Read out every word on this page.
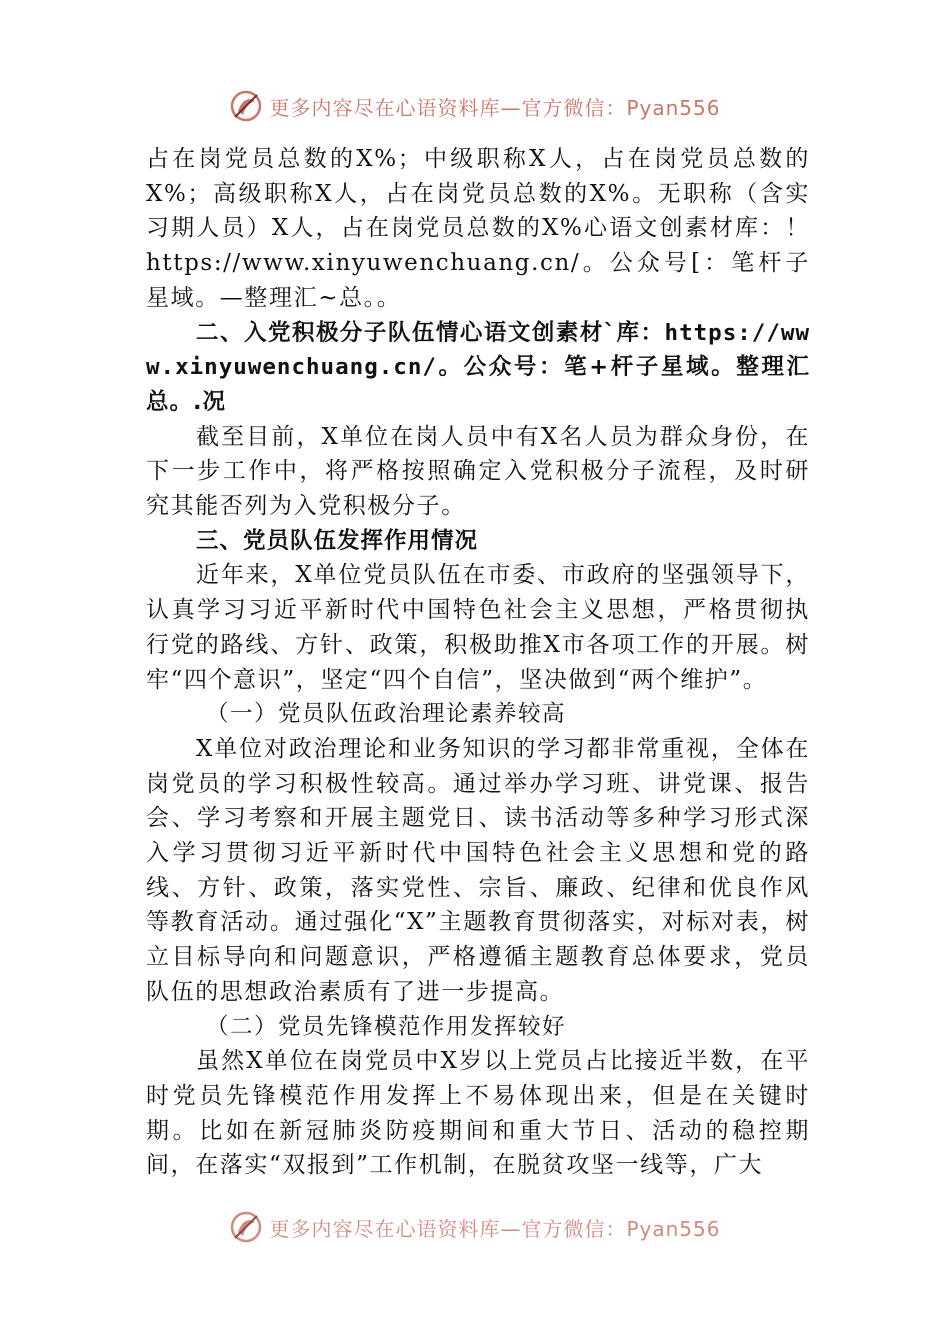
更多内容尽在心语资料库—官方微信：Pyan556

占在岗党员总数的X%；中级职称X人，占在岗党员总数的X%；高级职称X人，占在岗党员总数的X%。无职称（含实习期人员）X人，占在岗党员总数的X%心语文创素材库：！https://www.xinyuwenchuang.cn/。公众号[：笔杆子星域。—整理汇~总。。

二、入党积极分子队伍情心语文创素材`库：https://www.xinyuwenchuang.cn/。公众号：笔+杆子星域。整理汇总。.况

截至目前，X单位在岗人员中有X名人员为群众身份，在下一步工作中，将严格按照确定入党积极分子流程，及时研究其能否列为入党积极分子。

三、党员队伍发挥作用情况

近年来，X单位党员队伍在市委、市政府的坚强领导下，认真学习习近平新时代中国特色社会主义思想，严格贯彻执行党的路线、方针、政策，积极助推X市各项工作的开展。树牢“四个意识”，坚定“四个自信”，坚决做到“两个维护”。

（一）党员队伍政治理论素养较高

X单位对政治理论和业务知识的学习都非常重视，全体在岗党员的学习积极性较高。通过举办学习班、讲党课、报告会、学习考察和开展主题党日、读书活动等多种学习形式深入学习贯彻习近平新时代中国特色社会主义思想和党的路线、方针、政策，落实党性、宗旨、廉政、纪律和优良作风等教育活动。通过强化“X”主题教育贯彻落实，对标对表，树立目标导向和问题意识，严格遵循主题教育总体要求，党员队伍的思想政治素质有了进一步提高。

（二）党员先锋模范作用发挥较好

虽然X单位在岗党员中X岁以上党员占比接近半数，在平时党员先锋模范作用发挥上不易体现出来，但是在关键时期。比如在新冠肺炎防疫期间和重大节日、活动的稳控期间，在落实“双报到”工作机制，在脱贫攻坚一线等，广大

更多内容尽在心语资料库—官方微信：Pyan556
